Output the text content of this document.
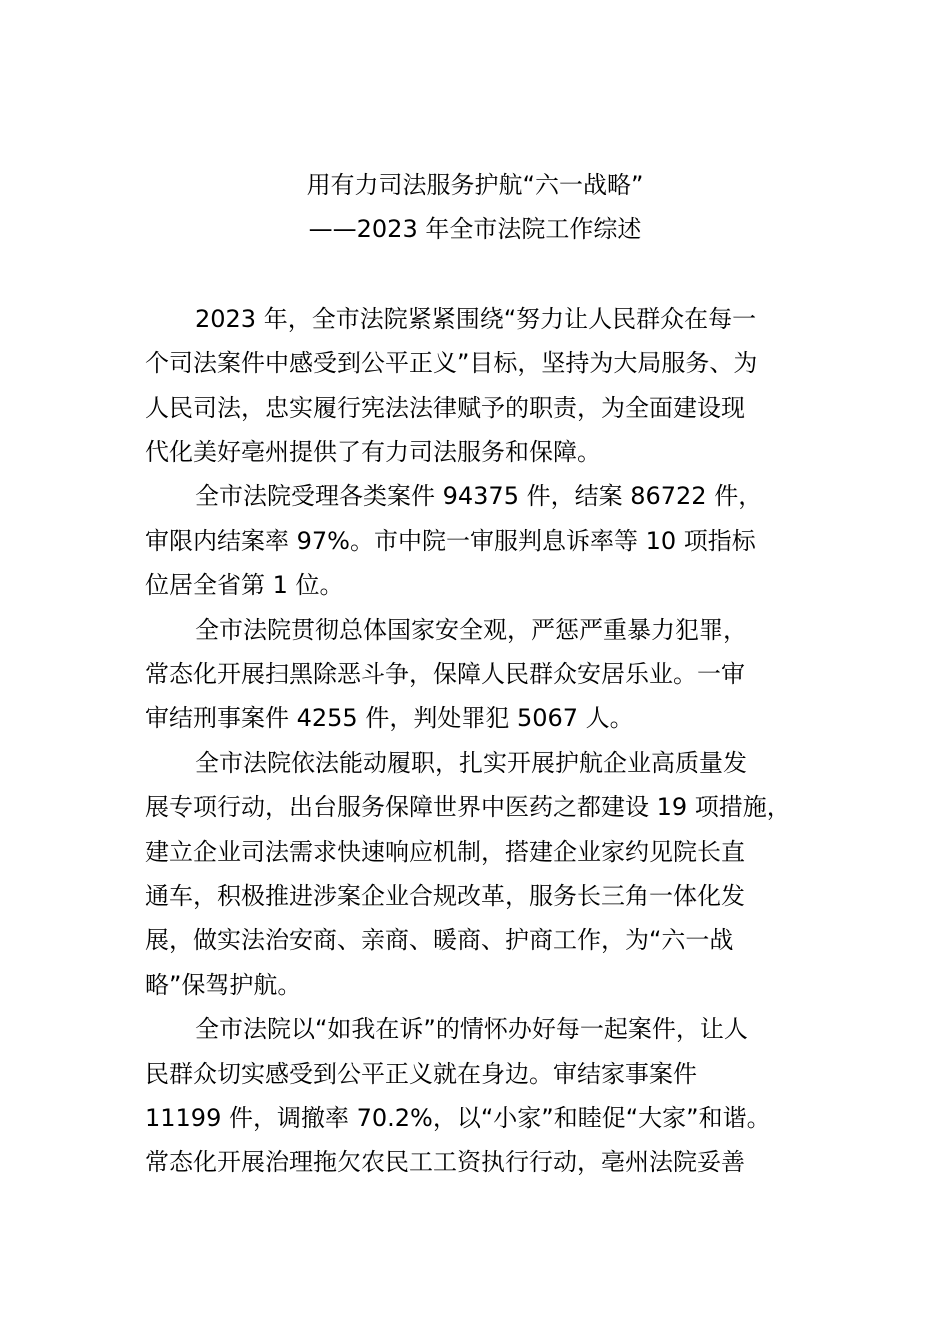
用有力司法服务护航“六一战略”
——2023 年全市法院工作综述
2023 年，全市法院紧紧围绕“努力让人民群众在每一
个司法案件中感受到公平正义”目标，坚持为大局服务、为
人民司法，忠实履行宪法法律赋予的职责，为全面建设现
代化美好亳州提供了有力司法服务和保障。
全市法院受理各类案件 94375 件，结案 86722 件，
审限内结案率 97%。市中院一审服判息诉率等 10 项指标
位居全省第 1 位。
全市法院贯彻总体国家安全观，严惩严重暴力犯罪，
常态化开展扫黑除恶斗争，保障人民群众安居乐业。一审
审结刑事案件 4255 件，判处罪犯 5067 人。
全市法院依法能动履职，扎实开展护航企业高质量发
展专项行动，出台服务保障世界中医药之都建设 19 项措施，
建立企业司法需求快速响应机制，搭建企业家约见院长直
通车，积极推进涉案企业合规改革，服务长三角一体化发
展，做实法治安商、亲商、暖商、护商工作，为“六一战
略”保驾护航。
全市法院以“如我在诉”的情怀办好每一起案件，让人
民群众切实感受到公平正义就在身边。审结家事案件
11199 件，调撤率 70.2%，以“小家”和睦促“大家”和谐。
常态化开展治理拖欠农民工工资执行行动，亳州法院妥善
